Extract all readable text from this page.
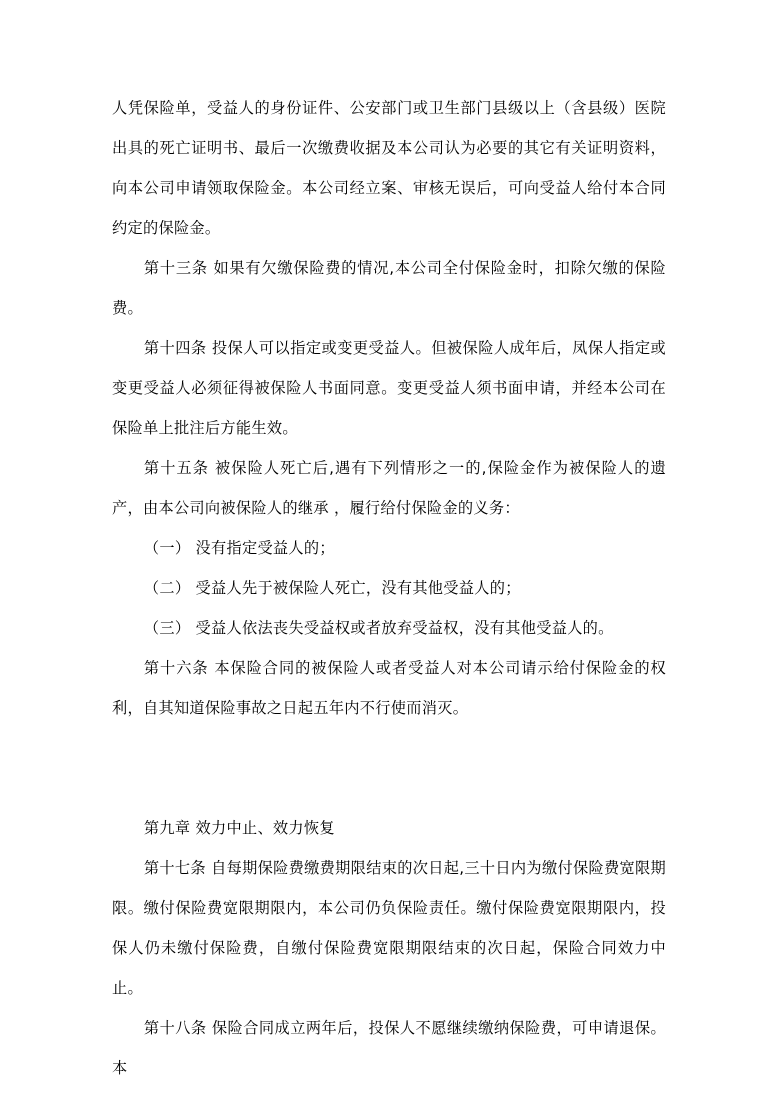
人凭保险单，受益人的身份证件、公安部门或卫生部门县级以上（含县级）医院出具的死亡证明书、最后一次缴费收据及本公司认为必要的其它有关证明资料，向本公司申请领取保险金。本公司经立案、审核无误后，可向受益人给付本合同约定的保险金。

第十三条 如果有欠缴保险费的情况,本公司全付保险金时，扣除欠缴的保险费。

第十四条 投保人可以指定或变更受益人。但被保险人成年后，凤保人指定或变更受益人必须征得被保险人书面同意。变更受益人须书面申请，并经本公司在保险单上批注后方能生效。

第十五条 被保险人死亡后,遇有下列情形之一的,保险金作为被保险人的遗产，由本公司向被保险人的继承 ，履行给付保险金的义务：

（一） 没有指定受益人的；

（二） 受益人先于被保险人死亡，没有其他受益人的；

（三） 受益人依法丧失受益权或者放弃受益权，没有其他受益人的。

第十六条 本保险合同的被保险人或者受益人对本公司请示给付保险金的权利，自其知道保险事故之日起五年内不行使而消灭。

第九章 效力中止、效力恢复

第十七条 自每期保险费缴费期限结束的次日起,三十日内为缴付保险费宽限期限。缴付保险费宽限期限内，本公司仍负保险责任。缴付保险费宽限期限内，投保人仍未缴付保险费，自缴付保险费宽限期限结束的次日起，保险合同效力中止。

第十八条 保险合同成立两年后，投保人不愿继续缴纳保险费，可申请退保。本
